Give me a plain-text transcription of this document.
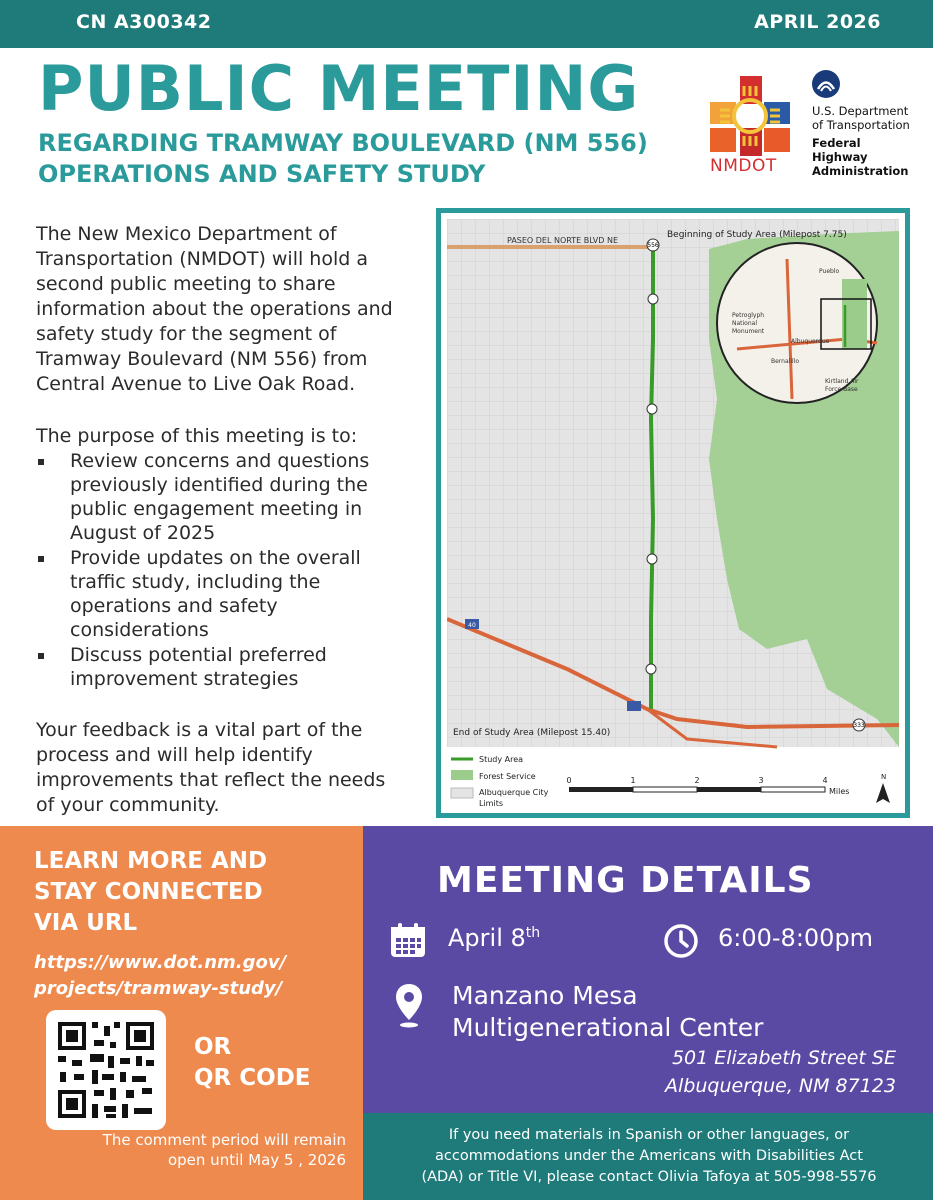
CN A300342	APRIL 2026
PUBLIC MEETING
REGARDING TRAMWAY BOULEVARD (NM 556)
OPERATIONS AND SAFETY STUDY	NMDOT
U.S. Department
of Transportation
Federal Highway
Administration

The New Mexico Department of Transportation (NMDOT) will hold a second public meeting to share information about the operations and safety study for the segment of Tramway Boulevard (NM 556) from Central Avenue to Live Oak Road.

The purpose of this meeting is to:

Review concerns and questions previously identified during the public engagement meeting in August of 2025
Provide updates on the overall traffic study, including the operations and safety considerations
Discuss potential preferred improvement strategies

Your feedback is a vital part of the process and will help identify improvements that reflect the needs of your community.

PASEO DEL NORTE BLVD NE
556
40
333
Beginning of Study Area (Milepost 7.75)
End of Study Area (Milepost 15.40)
Petroglyph
National
Monument
Albuquerque
Bernalillo
Kirtland Air
Force Base
Pueblo
Study Area
Forest Service
Albuquerque City
Limits
0	1	2	3	4
Miles
N
LEARN MORE AND
STAY CONNECTED
VIA URL
https://www.dot.nm.gov/
projects/tramway-study/
OR
QR CODE
The comment period will remain
open until May 5 , 2026
MEETING DETAILS
April 8th	6:00-8:00pm
Manzano Mesa
Multigenerational Center
501 Elizabeth Street SE
Albuquerque, NM 87123
If you need materials in Spanish or other languages, or
accommodations under the Americans with Disabilities Act
(ADA) or Title VI, please contact Olivia Tafoya at 505-998-5576
